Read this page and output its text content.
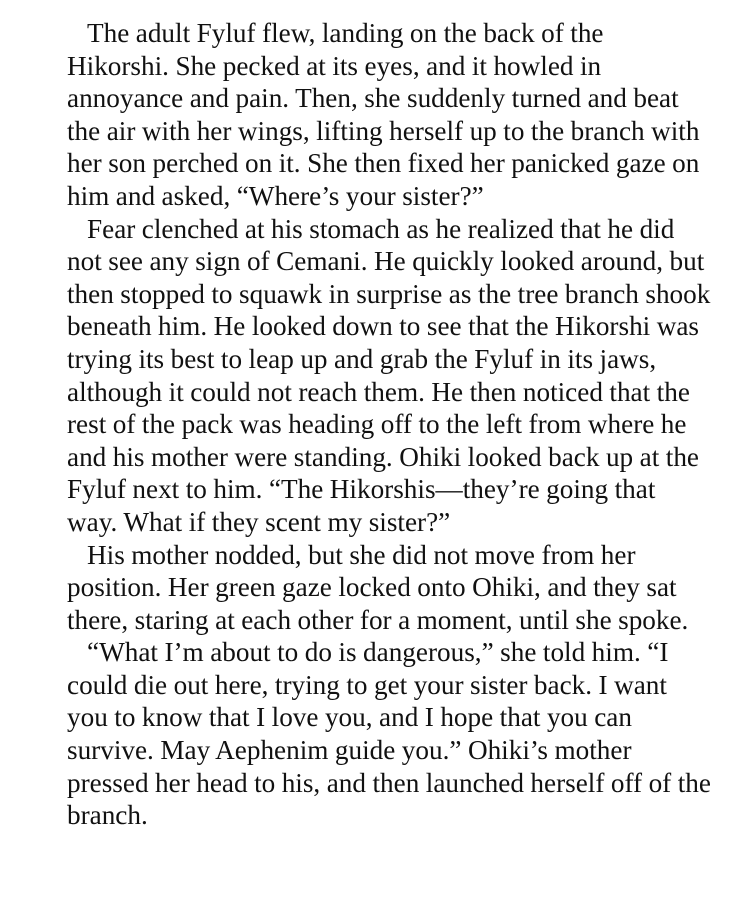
The adult Fyluf flew, landing on the back of the Hikorshi. She pecked at its eyes, and it howled in annoyance and pain. Then, she suddenly turned and beat the air with her wings, lifting herself up to the branch with her son perched on it. She then fixed her panicked gaze on him and asked, “Where’s your sister?”

Fear clenched at his stomach as he realized that he did not see any sign of Cemani. He quickly looked around, but then stopped to squawk in surprise as the tree branch shook beneath him. He looked down to see that the Hikorshi was trying its best to leap up and grab the Fyluf in its jaws, although it could not reach them. He then noticed that the rest of the pack was heading off to the left from where he and his mother were standing. Ohiki looked back up at the Fyluf next to him. “The Hikorshis—they’re going that way. What if they scent my sister?”

His mother nodded, but she did not move from her position. Her green gaze locked onto Ohiki, and they sat there, staring at each other for a moment, until she spoke.

“What I’m about to do is dangerous,” she told him. “I could die out here, trying to get your sister back. I want you to know that I love you, and I hope that you can survive. May Aephenim guide you.” Ohiki’s mother pressed her head to his, and then launched herself off of the branch.
